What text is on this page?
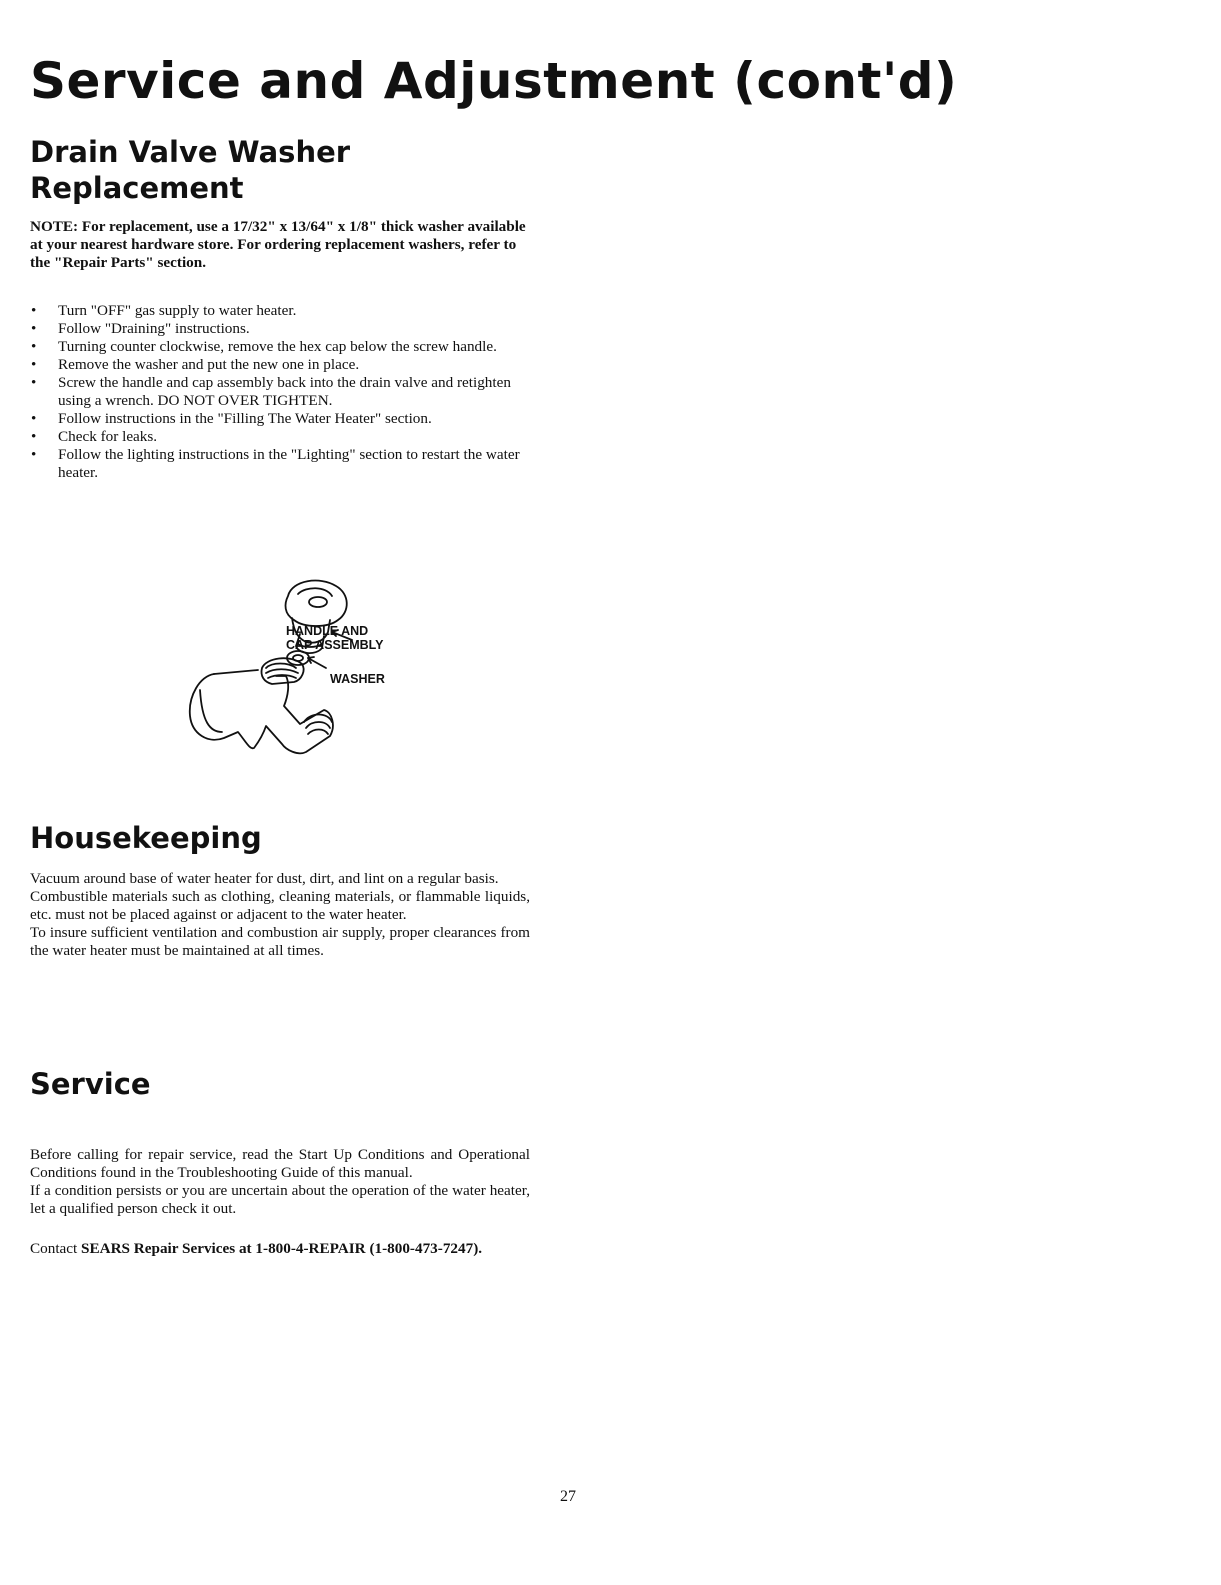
Service and Adjustment (cont'd)
Drain Valve Washer
Replacement

NOTE: For replacement, use a 17/32" x 13/64" x 1/8" thick washer available at your nearest hardware store. For ordering replacement washers, refer to the "Repair Parts" section.

• Turn "OFF" gas supply to water heater.
• Follow "Draining" instructions.
• Turning counter clockwise, remove the hex cap below the screw handle.
• Remove the washer and put the new one in place.
• Screw the handle and cap assembly back into the drain valve and retighten using a wrench. DO NOT OVER TIGHTEN.
• Follow instructions in the "Filling The Water Heater" section.
• Check for leaks.
• Follow the lighting instructions in the "Lighting" section to restart the water heater.
HANDLE AND
CAP ASSEMBLY
WASHER
Housekeeping

Vacuum around base of water heater for dust, dirt, and lint on a regular basis.

Combustible materials such as clothing, cleaning materials, or flammable liquids, etc. must not be placed against or adjacent to the water heater.

To insure sufficient ventilation and combustion air supply, proper clearances from the water heater must be maintained at all times.

Service

Before calling for repair service, read the Start Up Conditions and Operational Conditions found in the Troubleshooting Guide of this manual.

If a condition persists or you are uncertain about the operation of the water heater, let a qualified person check it out.

Contact SEARS Repair Services at 1-800-4-REPAIR (1-800-473-7247).

27
